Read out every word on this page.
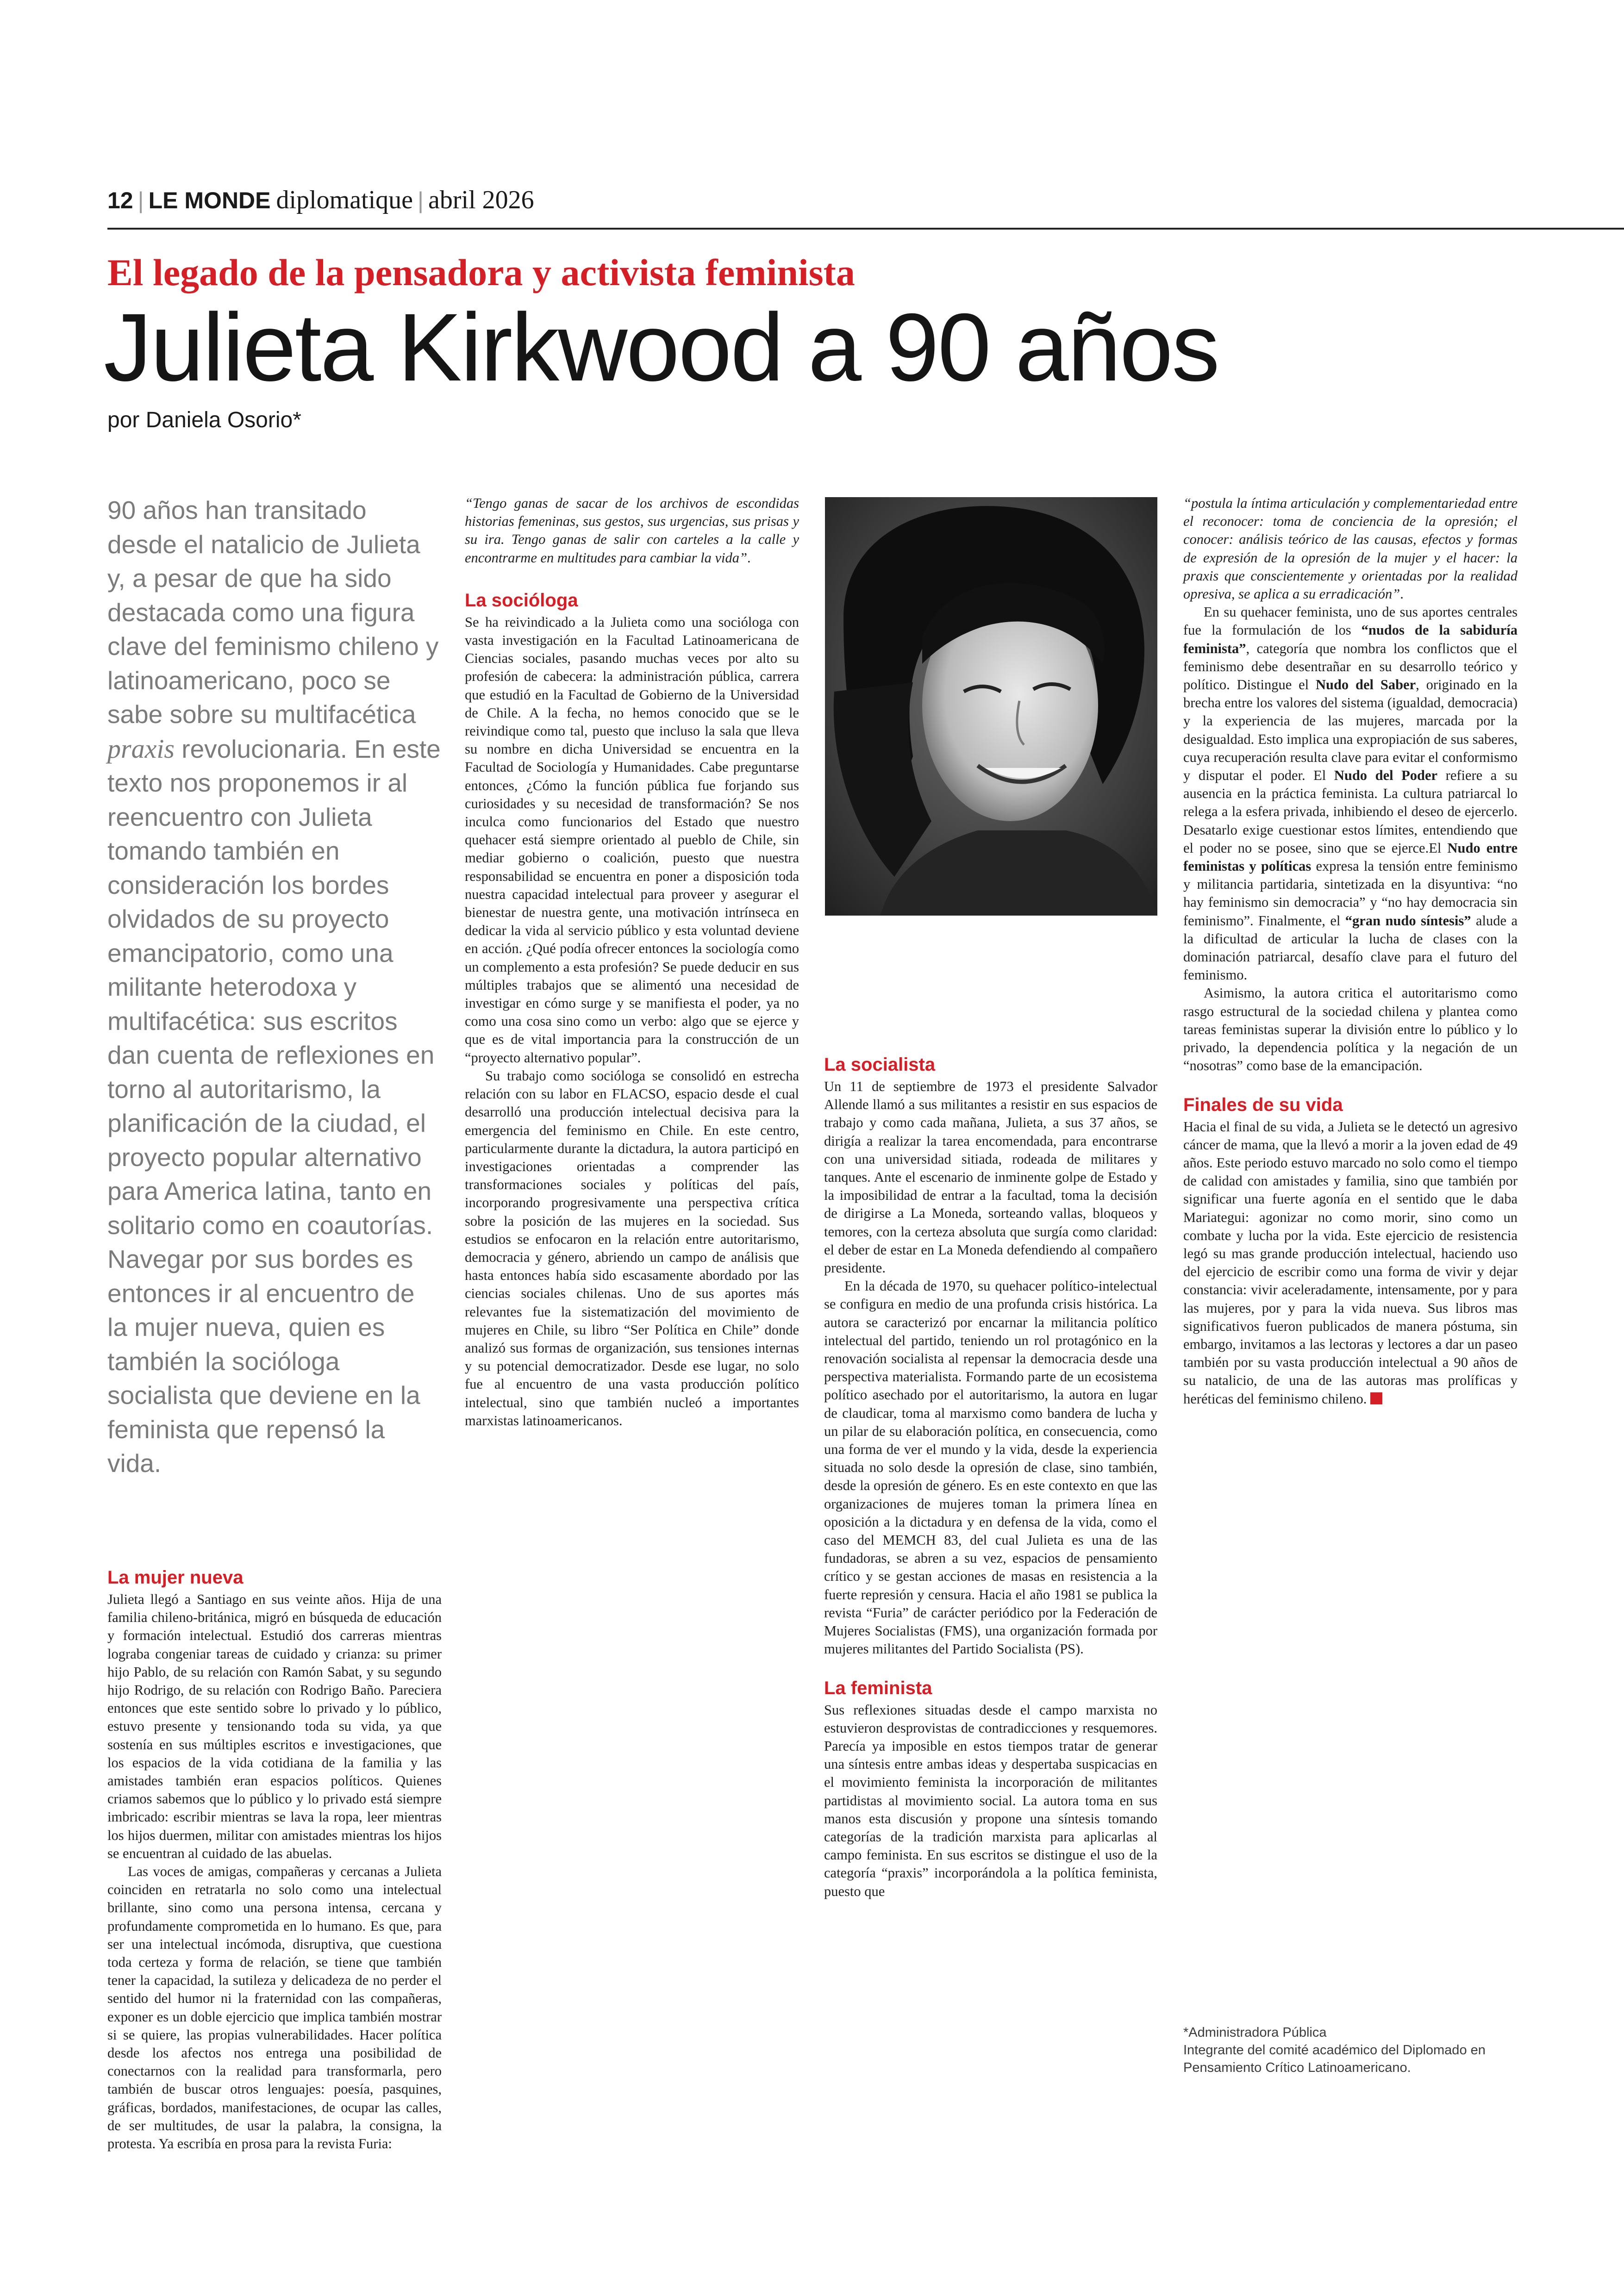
12 | LE MONDE diplomatique | abril 2026
El legado de la pensadora y activista feminista
Julieta Kirkwood a 90 años
por Daniela Osorio*

90 años han transitado desde el natalicio de Julieta y, a pesar de que ha sido destacada como una figura clave del feminismo chileno y latinoamericano, poco se sabe sobre su multifacética praxis revolucionaria. En este texto nos proponemos ir al reencuentro con Julieta tomando también en consideración los bordes olvidados de su proyecto emancipatorio, como una militante heterodoxa y multifacética: sus escritos dan cuenta de reflexiones en torno al autoritarismo, la planificación de la ciudad, el proyecto popular alternativo para America latina, tanto en solitario como en coautorías. Navegar por sus bordes es entonces ir al encuentro de la mujer nueva, quien es también la socióloga socialista que deviene en la feminista que repensó la vida.

La mujer nueva

Julieta llegó a Santiago en sus veinte años. Hija de una familia chileno-británica, migró en búsqueda de educación y formación intelectual. Estudió dos carreras mientras lograba congeniar tareas de cuidado y crianza: su primer hijo Pablo, de su relación con Ramón Sabat, y su segundo hijo Rodrigo, de su relación con Rodrigo Baño. Pareciera entonces que este sentido sobre lo privado y lo público, estuvo presente y tensionando toda su vida, ya que sostenía en sus múltiples escritos e investigaciones, que los espacios de la vida cotidiana de la familia y las amistades también eran espacios políticos. Quienes criamos sabemos que lo público y lo privado está siempre imbricado: escribir mientras se lava la ropa, leer mientras los hijos duermen, militar con amistades mientras los hijos se encuentran al cuidado de las abuelas.

Las voces de amigas, compañeras y cercanas a Julieta coinciden en retratarla no solo como una intelectual brillante, sino como una persona intensa, cercana y profundamente comprometida en lo humano. Es que, para ser una intelectual incómoda, disruptiva, que cuestiona toda certeza y forma de relación, se tiene que también tener la capacidad, la sutileza y delicadeza de no perder el sentido del humor ni la fraternidad con las compañeras, exponer es un doble ejercicio que implica también mostrar si se quiere, las propias vulnerabilidades. Hacer política desde los afectos nos entrega una posibilidad de conectarnos con la realidad para transformarla, pero también de buscar otros lenguajes: poesía, pasquines, gráficas, bordados, manifestaciones, de ocupar las calles, de ser multitudes, de usar la palabra, la consigna, la protesta. Ya escribía en prosa para la revista Furia:

“Tengo ganas de sacar de los archivos de escondidas historias femeninas, sus gestos, sus urgencias, sus prisas y su ira. Tengo ganas de salir con carteles a la calle y encontrarme en multitudes para cambiar la vida”.

La socióloga

Se ha reivindicado a la Julieta como una socióloga con vasta investigación en la Facultad Latinoamericana de Ciencias sociales, pasando muchas veces por alto su profesión de cabecera: la administración pública, carrera que estudió en la Facultad de Gobierno de la Universidad de Chile. A la fecha, no hemos conocido que se le reivindique como tal, puesto que incluso la sala que lleva su nombre en dicha Universidad se encuentra en la Facultad de Sociología y Humanidades. Cabe preguntarse entonces, ¿Cómo la función pública fue forjando sus curiosidades y su necesidad de transformación? Se nos inculca como funcionarios del Estado que nuestro quehacer está siempre orientado al pueblo de Chile, sin mediar gobierno o coalición, puesto que nuestra responsabilidad se encuentra en poner a disposición toda nuestra capacidad intelectual para proveer y asegurar el bienestar de nuestra gente, una motivación intrínseca en dedicar la vida al servicio público y esta voluntad deviene en acción. ¿Qué podía ofrecer entonces la sociología como un complemento a esta profesión? Se puede deducir en sus múltiples trabajos que se alimentó una necesidad de investigar en cómo surge y se manifiesta el poder, ya no como una cosa sino como un verbo: algo que se ejerce y que es de vital importancia para la construcción de un “proyecto alternativo popular”.

Su trabajo como socióloga se consolidó en estrecha relación con su labor en FLACSO, espacio desde el cual desarrolló una producción intelectual decisiva para la emergencia del feminismo en Chile. En este centro, particularmente durante la dictadura, la autora participó en investigaciones orientadas a comprender las transformaciones sociales y políticas del país, incorporando progresivamente una perspectiva crítica sobre la posición de las mujeres en la sociedad. Sus estudios se enfocaron en la relación entre autoritarismo, democracia y género, abriendo un campo de análisis que hasta entonces había sido escasamente abordado por las ciencias sociales chilenas. Uno de sus aportes más relevantes fue la sistematización del movimiento de mujeres en Chile, su libro “Ser Política en Chile” donde analizó sus formas de organización, sus tensiones internas y su potencial democratizador. Desde ese lugar, no solo fue al encuentro de una vasta producción político intelectual, sino que también nucleó a importantes marxistas latinoamericanos.

La socialista

Un 11 de septiembre de 1973 el presidente Salvador Allende llamó a sus militantes a resistir en sus espacios de trabajo y como cada mañana, Julieta, a sus 37 años, se dirigía a realizar la tarea encomendada, para encontrarse con una universidad sitiada, rodeada de militares y tanques. Ante el escenario de inminente golpe de Estado y la imposibilidad de entrar a la facultad, toma la decisión de dirigirse a La Moneda, sorteando vallas, bloqueos y temores, con la certeza absoluta que surgía como claridad: el deber de estar en La Moneda defendiendo al compañero presidente.

En la década de 1970, su quehacer político-intelectual se configura en medio de una profunda crisis histórica. La autora se caracterizó por encarnar la militancia político intelectual del partido, teniendo un rol protagónico en la renovación socialista al repensar la democracia desde una perspectiva materialista. Formando parte de un ecosistema político asechado por el autoritarismo, la autora en lugar de claudicar, toma al marxismo como bandera de lucha y un pilar de su elaboración política, en consecuencia, como una forma de ver el mundo y la vida, desde la experiencia situada no solo desde la opresión de clase, sino también, desde la opresión de género. Es en este contexto en que las organizaciones de mujeres toman la primera línea en oposición a la dictadura y en defensa de la vida, como el caso del MEMCH 83, del cual Julieta es una de las fundadoras, se abren a su vez, espacios de pensamiento crítico y se gestan acciones de masas en resistencia a la fuerte represión y censura. Hacia el año 1981 se publica la revista “Furia” de carácter periódico por la Federación de Mujeres Socialistas (FMS), una organización formada por mujeres militantes del Partido Socialista (PS).

La feminista

Sus reflexiones situadas desde el campo marxista no estuvieron desprovistas de contradicciones y resquemores. Parecía ya imposible en estos tiempos tratar de generar una síntesis entre ambas ideas y despertaba suspicacias en el movimiento feminista la incorporación de militantes partidistas al movimiento social. La autora toma en sus manos esta discusión y propone una síntesis tomando categorías de la tradición marxista para aplicarlas al campo feminista. En sus escritos se distingue el uso de la categoría “praxis” incorporándola a la política feminista, puesto que

“postula la íntima articulación y complementariedad entre el reconocer: toma de conciencia de la opresión; el conocer: análisis teórico de las causas, efectos y formas de expresión de la opresión de la mujer y el hacer: la praxis que conscientemente y orientadas por la realidad opresiva, se aplica a su erradicación”.

En su quehacer feminista, uno de sus aportes centrales fue la formulación de los “nudos de la sabiduría feminista”, categoría que nombra los conflictos que el feminismo debe desentrañar en su desarrollo teórico y político. Distingue el Nudo del Saber, originado en la brecha entre los valores del sistema (igualdad, democracia) y la experiencia de las mujeres, marcada por la desigualdad. Esto implica una expropiación de sus saberes, cuya recuperación resulta clave para evitar el conformismo y disputar el poder. El Nudo del Poder refiere a su ausencia en la práctica feminista. La cultura patriarcal lo relega a la esfera privada, inhibiendo el deseo de ejercerlo. Desatarlo exige cuestionar estos límites, entendiendo que el poder no se posee, sino que se ejerce.El Nudo entre feministas y políticas expresa la tensión entre feminismo y militancia partidaria, sintetizada en la disyuntiva: “no hay feminismo sin democracia” y “no hay democracia sin feminismo”. Finalmente, el “gran nudo síntesis” alude a la dificultad de articular la lucha de clases con la dominación patriarcal, desafío clave para el futuro del feminismo.

Asimismo, la autora critica el autoritarismo como rasgo estructural de la sociedad chilena y plantea como tareas feministas superar la división entre lo público y lo privado, la dependencia política y la negación de un “nosotras” como base de la emancipación.

Finales de su vida

Hacia el final de su vida, a Julieta se le detectó un agresivo cáncer de mama, que la llevó a morir a la joven edad de 49 años. Este periodo estuvo marcado no solo como el tiempo de calidad con amistades y familia, sino que también por significar una fuerte agonía en el sentido que le daba Mariategui: agonizar no como morir, sino como un combate y lucha por la vida. Este ejercicio de resistencia legó su mas grande producción intelectual, haciendo uso del ejercicio de escribir como una forma de vivir y dejar constancia: vivir aceleradamente, intensamente, por y para las mujeres, por y para la vida nueva. Sus libros mas significativos fueron publicados de manera póstuma, sin embargo, invitamos a las lectoras y lectores a dar un paseo también por su vasta producción intelectual a 90 años de su natalicio, de una de las autoras mas prolíficas y heréticas del feminismo chileno.

*Administradora Pública
Integrante del comité académico del Diplomado en Pensamiento Crítico Latinoamericano.
